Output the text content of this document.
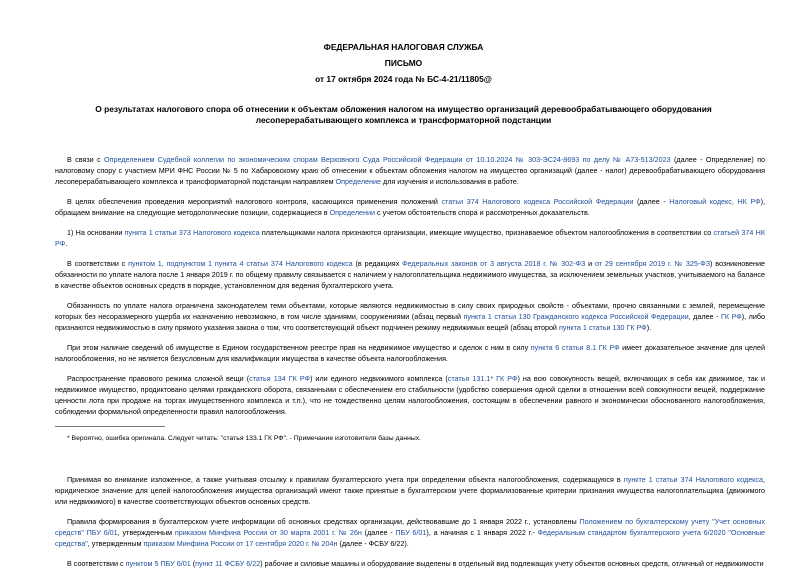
ФЕДЕРАЛЬНАЯ НАЛОГОВАЯ СЛУЖБА
ПИСЬМО
от 17 октября 2024 года № БС-4-21/11805@
О результатах налогового спора об отнесении к объектам обложения налогом на имущество организаций деревообрабатывающего оборудования лесоперерабатывающего комплекса и трансформаторной подстанции

В связи с Определением Судебной коллегии по экономическим спорам Верховного Суда Российской Федерации от 10.10.2024 № 303-ЭС24-8693 по делу № А73-513/2023 (далее - Определение) по налоговому спору с участием МРИ ФНС России № 5 по Хабаровскому краю об отнесении к объектам обложения налогом на имущество организаций (далее - налог) деревообрабатывающего оборудования лесоперерабатывающего комплекса и трансформаторной подстанции направляем Определение для изучения и использования в работе.

В целях обеспечения проведения мероприятий налогового контроля, касающихся применения положений статьи 374 Налогового кодекса Российской Федерации (далее - Налоговый кодекс, НК РФ), обращаем внимание на следующие методологические позиции, содержащиеся в Определении с учетом обстоятельств спора и рассмотренных доказательств.

1) На основании пункта 1 статьи 373 Налогового кодекса плательщиками налога признаются организации, имеющие имущество, признаваемое объектом налогообложения в соответствии со статьей 374 НК РФ.

В соответствии с пунктом 1, подпунктом 1 пункта 4 статьи 374 Налогового кодекса (в редакциях Федеральных законов от 3 августа 2018 г. № 302-ФЗ и от 29 сентября 2019 г. № 325-ФЗ) возникновение обязанности по уплате налога после 1 января 2019 г. по общему правилу связывается с наличием у налогоплательщика недвижимого имущества, за исключением земельных участков, учитываемого на балансе в качестве объектов основных средств в порядке, установленном для ведения бухгалтерского учета.

Обязанность по уплате налога ограничена законодателем теми объектами, которые являются недвижимостью в силу своих природных свойств - объектами, прочно связанными с землей, перемещение которых без несоразмерного ущерба их назначению невозможно, в том числе зданиями, сооружениями (абзац первый пункта 1 статьи 130 Гражданского кодекса Российской Федерации, далее - ГК РФ), либо признаются недвижимостью в силу прямого указания закона о том, что соответствующий объект подчинен режиму недвижимых вещей (абзац второй пункта 1 статьи 130 ГК РФ).

При этом наличие сведений об имуществе в Едином государственном реестре прав на недвижимое имущество и сделок с ним в силу пункта 6 статьи 8.1 ГК РФ имеет доказательное значение для целей налогообложения, но не является безусловным для квалификации имущества в качестве объекта налогообложения.

Распространение правового режима сложной вещи (статья 134 ГК РФ) или единого недвижимого комплекса (статья 131.1* ГК РФ) на всю совокупность вещей, включающих в себя как движимое, так и недвижимое имущество, продиктовано целями гражданского оборота, связанными с обеспечением его стабильности (удобство совершения одной сделки в отношении всей совокупности вещей, поддержание ценности лота при продаже на торгах имущественного комплекса и т.п.), что не тождественно целям налогообложения, состоящим в обеспечении равного и экономически обоснованного налогообложения, соблюдении формальной определенности правил налогообложения.

* Вероятно, ошибка оригинала. Следует читать: "статья 133.1 ГК РФ". - Примечание изготовителя базы данных.

Принимая во внимание изложенное, а также учитывая отсылку к правилам бухгалтерского учета при определении объекта налогообложения, содержащуюся в пункте 1 статьи 374 Налогового кодекса, юридическое значение для целей налогообложения имущества организаций имеют также принятые в бухгалтерском учете формализованные критерии признания имущества налогоплательщика (движимого или недвижимого) в качестве соответствующих объектов основных средств.

Правила формирования в бухгалтерском учете информации об основных средствах организации, действовавшие до 1 января 2022 г., установлены Положением по бухгалтерскому учету "Учет основных средств" ПБУ 6/01, утвержденным приказом Минфина России от 30 марта 2001 г. № 26н (далее - ПБУ 6/01), а начиная с 1 января 2022 г.- Федеральным стандартом бухгалтерского учета 6/2020 "Основные средства", утвержденным приказом Минфина России от 17 сентября 2020 г. № 204н (далее - ФСБУ 6/22).

В соответствии с пунктом 5 ПБУ 6/01 (пункт 11 ФСБУ 6/22) рабочие и силовые машины и оборудование выделены в отдельный вид подлежащих учету объектов основных средств, отличный от недвижимости
